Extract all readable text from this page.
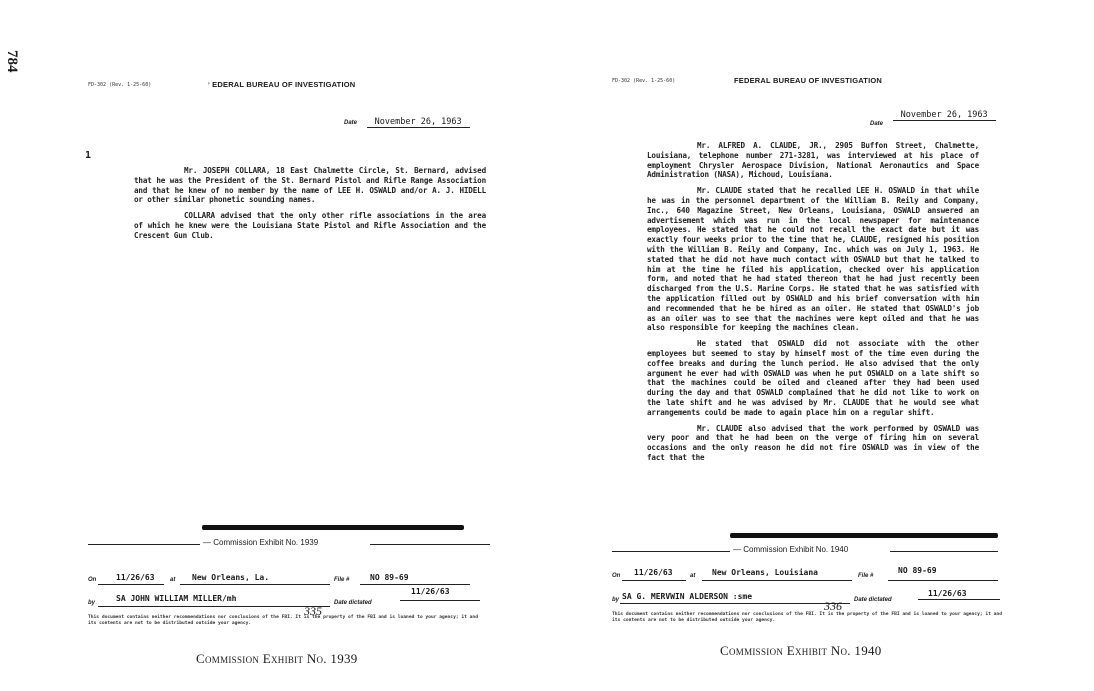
784
FD-302 (Rev. 1-25-60)	’ EDERAL BUREAU OF INVESTIGATION
Date November 26, 1963
1

Mr. JOSEPH COLLARA, 18 East Chalmette Circle, St. Bernard, advised that he was the President of the St. Bernard Pistol and Rifle Range Association and that he knew of no member by the name of LEE H. OSWALD and/or A. J. HIDELL or other similar phonetic sounding names.

COLLARA advised that the only other rifle associations in the area of which he knew were the Louisiana State Pistol and Rifle Association and the Crescent Gun Club.

— Commission Exhibit No. 1939
On 11/26/63	at New Orleans, La.	File #	NO 89-69
by	SA JOHN WILLIAM MILLER/mh	Date dictated
11/26/63
335
This document contains neither recommendations nor conclusions of the FBI. It is the property of the FBI and is loaned to your agency; it and its contents are not to be distributed outside your agency.
Commission Exhibit No. 1939
FD-302 (Rev. 1-25-60)	FEDERAL BUREAU OF INVESTIGATION
$_{Date}$ November 26, 1963

Mr. ALFRED A. CLAUDE, JR., 2905 Buffon Street, Chalmette, Louisiana, telephone number 271-3281, was interviewed at his place of employment Chrysler Aerospace Division, National Aeronautics and Space Administration (NASA), Michoud, Louisiana.

Mr. CLAUDE stated that he recalled LEE H. OSWALD in that while he was in the personnel department of the William B. Reily and Company, Inc., 640 Magazine Street, New Orleans, Louisiana, OSWALD answered an advertisement which was run in the local newspaper for maintenance employees. He stated that he could not recall the exact date but it was exactly four weeks prior to the time that he, CLAUDE, resigned his position with the William B. Reily and Company, Inc. which was on July 1, 1963. He stated that he did not have much contact with OSWALD but that he talked to him at the time he filed his application, checked over his application form, and noted that he had stated thereon that he had just recently been discharged from the U.S. Marine Corps. He stated that he was satisfied with the application filled out by OSWALD and his brief conversation with him and recommended that he be hired as an oiler. He stated that OSWALD's job as an oiler was to see that the machines were kept oiled and that he was also responsible for keeping the machines clean.

He stated that OSWALD did not associate with the other employees but seemed to stay by himself most of the time even during the coffee breaks and during the lunch period. He also advised that the only argument he ever had with OSWALD was when he put OSWALD on a late shift so that the machines could be oiled and cleaned after they had been used during the day and that OSWALD complained that he did not like to work on the late shift and he was advised by Mr. CLAUDE that he would see what arrangements could be made to again place him on a regular shift.

Mr. CLAUDE also advised that the work performed by OSWALD was very poor and that he had been on the verge of firing him on several occasions and the only reason he did not fire OSWALD was in view of the fact that the

— Commission Exhibit No. 1940
On 11/26/63	at New Orleans, Louisiana	File #
NO 89-69
by SA G. MERVWIN ALDERSON :sme	Date dictated
11/26/63
336
This document contains neither recommendations nor conclusions of the FBI. It is the property of the FBI and is loaned to your agency; it and its contents are not to be distributed outside your agency.
Commission Exhibit No. 1940
